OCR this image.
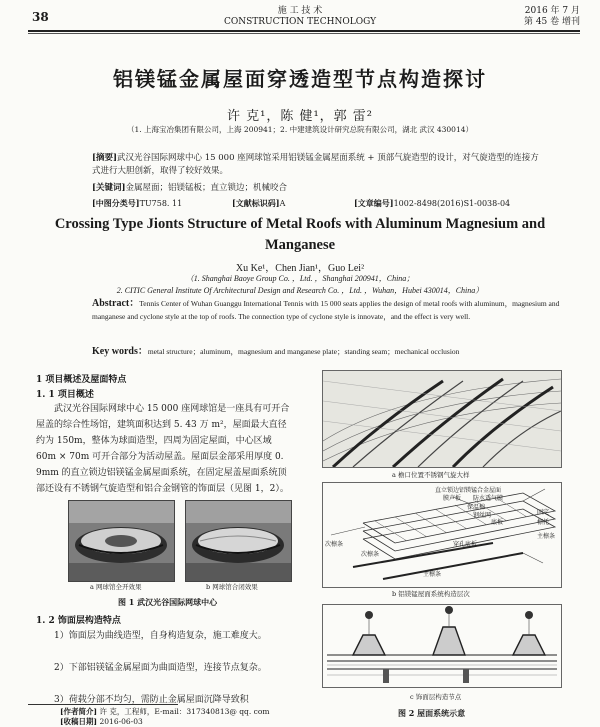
38	施 工 技 术
CONSTRUCTION TECHNOLOGY
2016 年 7 月
第 45 卷 增刊
铝镁锰金属屋面穿透造型节点构造探讨
许 克¹，陈 健¹，郭 雷²
（1. 上海宝冶集团有限公司，上海 200941；2. 中建建筑设计研究总院有限公司，湖北 武汉 430014）
[摘要]武汉光谷国际网球中心 15 000 座网球馆采用铝镁锰金属屋面系统 + 顶部气旋造型的设计，对气旋造型的连接方式进行大胆创新，取得了较好效果。
[关键词]金属屋面；铝镁锰板；直立锁边；机械咬合
[中图分类号]TU758. 11	[文献标识码]A	[文章编号]1002-8498(2016)S1-0038-04
Crossing Type Jionts Structure of Metal Roofs with Aluminum Magnesium and Manganese
Xu Ke¹，Chen Jian¹，Guo Lei²
（1. Shanghai Baoye Group Co. ，Ltd. ，Shanghai 200941，China；
2. CITIC General Institute Of Architectural Design and Research Co. ，Ltd. ，Wuhan，Hubei 430014，China）
Abstract：Tennis Center of Wuhan Guanggu International Tennis with 15 000 seats applies the design of metal roofs with aluminum，magnesium and manganese and cyclone style at the top of roofs. The connection type of cyclone style is innovate，and the effect is very well.
Key words：metal structure；aluminum，magnesium and manganese plate；standing seam；mechanical occlusion
1 项目概述及屋面特点
1. 1 项目概述
武汉光谷国际网球中心 15 000 座网球馆是一座具有可开合屋盖的综合性场馆，建筑面积达到 5. 43 万 m²，屋面最大直径约为 150m，整体为球面造型，四周为固定屋面，中心区域 60m × 70m 可开合部分为活动屋盖。屋面层金部采用厚度 0. 9mm 的直立锁边铝镁锰金属屋面系统，在固定屋盖屋面系统顶部还设有不锈钢气旋造型和铝合金钢管的饰面层（见图 1，2）。
a 网球馆全开效果	b 网球馆合闭效果
图 1 武汉光谷国际网球中心
1. 2 饰面层构造特点
1）饰面层为曲线造型，自身构造复杂，施工难度大。
2）下部铝镁锰金属屋面为曲面造型，连接节点复杂。
3）荷载分部不均匀，需防止金属屋面沉降导致积
a 檐口位置不锈钢气旋大样
直立锁边铝镁锰合金屋面
膜声板 防水透气膜
保温棉
钢丝网
底板
固定
檩托
主檩条
次檩条
次檩条
穿孔底板
主檩条
b 铝镁锰屋面系统构造层次
c 饰面层构造节点
图 2 屋面系统示意
[作者简介] 许 克，工程师，E-mail：317340813@ qq. com
[收稿日期] 2016-06-03
